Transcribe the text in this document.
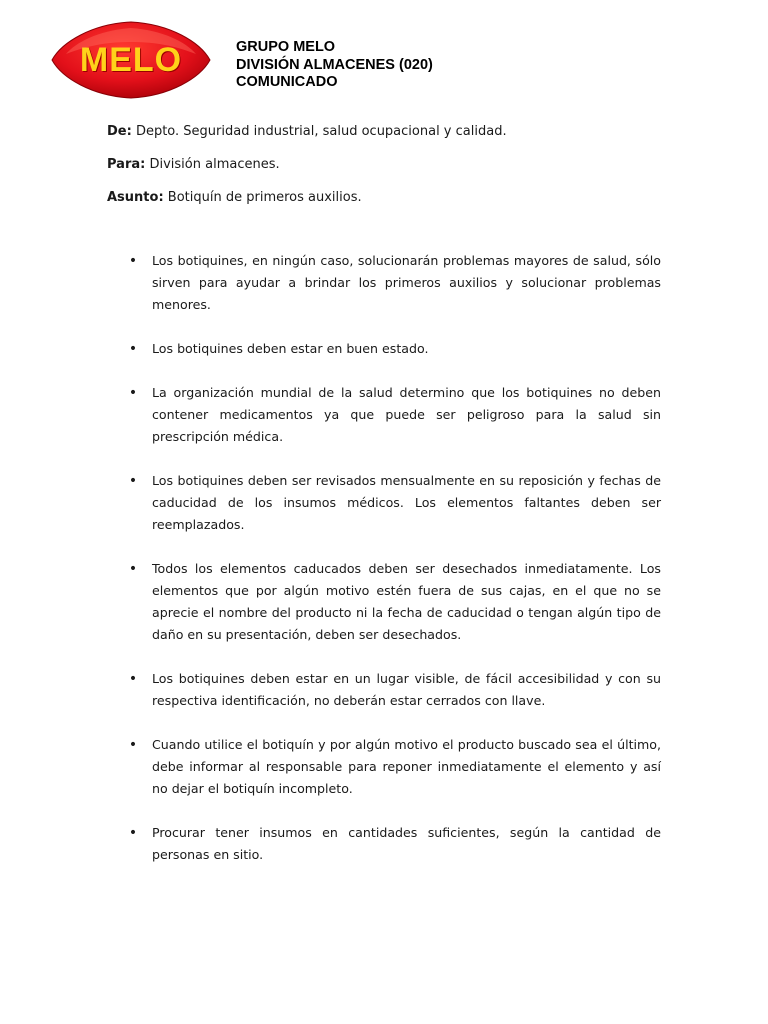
MELO	GRUPO MELO
DIVISIÓN ALMACENES (020)
COMUNICADO
De: Depto. Seguridad industrial, salud ocupacional y calidad.
Para: División almacenes.
Asunto: Botiquín de primeros auxilios.
• Los botiquines, en ningún caso, solucionarán problemas mayores de salud, sólo sirven para ayudar a brindar los primeros auxilios y solucionar problemas menores.
• Los botiquines deben estar en buen estado.
• La organización mundial de la salud determino que los botiquines no deben contener medicamentos ya que puede ser peligroso para la salud sin prescripción médica.
• Los botiquines deben ser revisados mensualmente en su reposición y fechas de caducidad de los insumos médicos. Los elementos faltantes deben ser reemplazados.
• Todos los elementos caducados deben ser desechados inmediatamente. Los elementos que por algún motivo estén fuera de sus cajas, en el que no se aprecie el nombre del producto ni la fecha de caducidad o tengan algún tipo de daño en su presentación, deben ser desechados.
• Los botiquines deben estar en un lugar visible, de fácil accesibilidad y con su respectiva identificación, no deberán estar cerrados con llave.
• Cuando utilice el botiquín y por algún motivo el producto buscado sea el último, debe informar al responsable para reponer inmediatamente el elemento y así no dejar el botiquín incompleto.
• Procurar tener insumos en cantidades suficientes, según la cantidad de personas en sitio.
